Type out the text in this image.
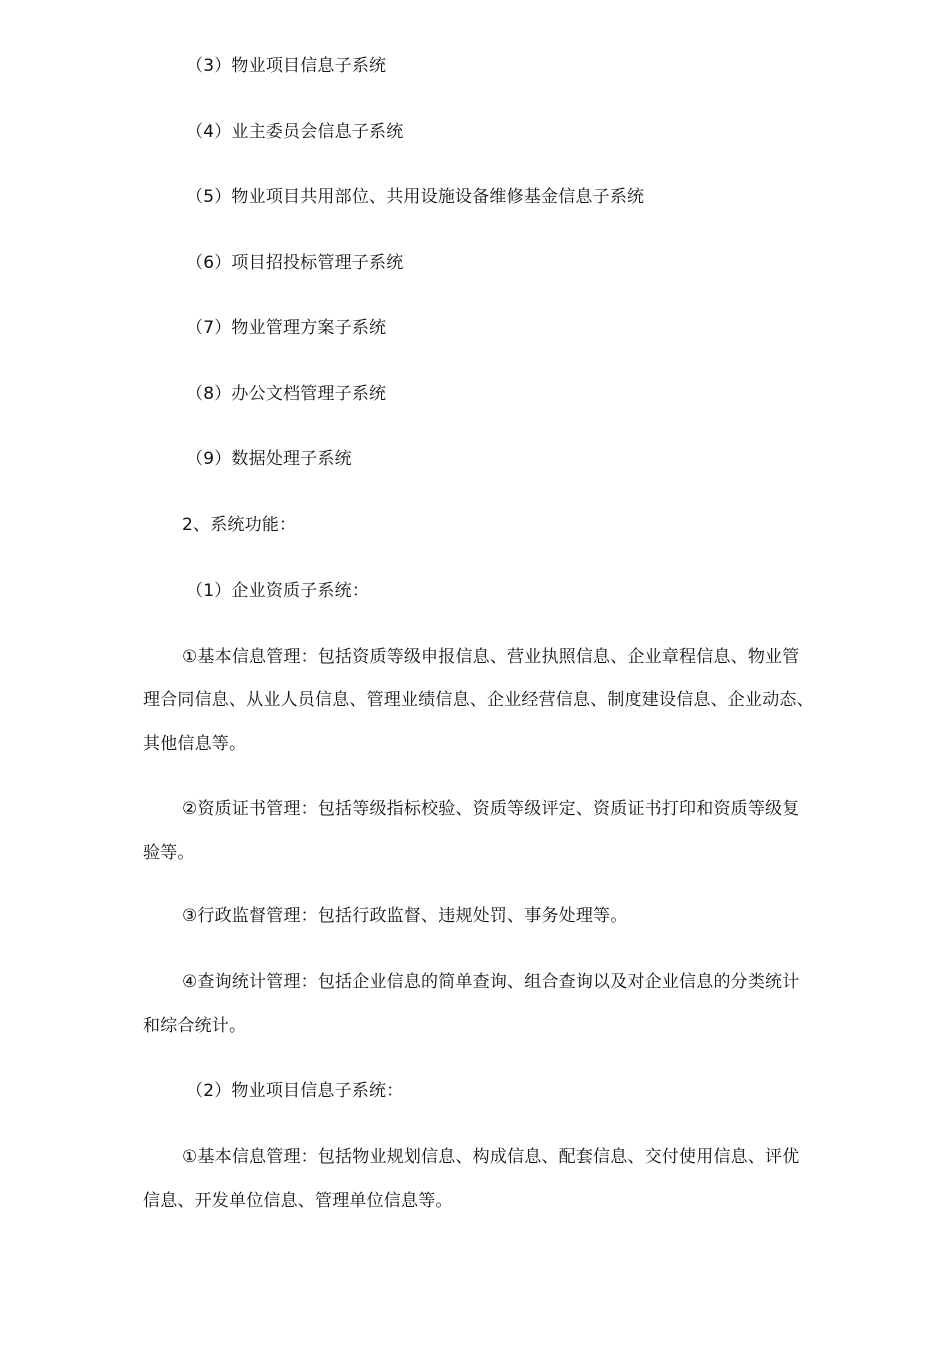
（3）物业项目信息子系统
（4）业主委员会信息子系统
（5）物业项目共用部位、共用设施设备维修基金信息子系统
（6）项目招投标管理子系统
（7）物业管理方案子系统
（8）办公文档管理子系统
（9）数据处理子系统
2、系统功能：
（1）企业资质子系统：
①基本信息管理：包括资质等级申报信息、营业执照信息、企业章程信息、物业管
理合同信息、从业人员信息、管理业绩信息、企业经营信息、制度建设信息、企业动态、
其他信息等。
②资质证书管理：包括等级指标校验、资质等级评定、资质证书打印和资质等级复
验等。
③行政监督管理：包括行政监督、违规处罚、事务处理等。
④查询统计管理：包括企业信息的简单查询、组合查询以及对企业信息的分类统计
和综合统计。
（2）物业项目信息子系统：
①基本信息管理：包括物业规划信息、构成信息、配套信息、交付使用信息、评优
信息、开发单位信息、管理单位信息等。
